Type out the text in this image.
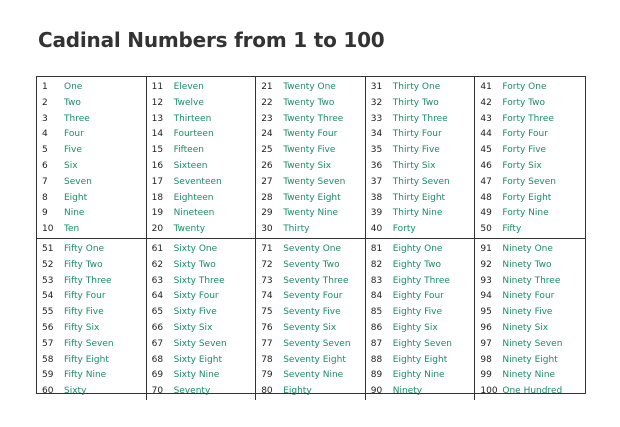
Cadinal Numbers from 1 to 100
1	One
2	Two
3	Three
4	Four
5	Five
6	Six
7	Seven
8	Eight
9	Nine
10	Ten
11	Eleven
12	Twelve
13	Thirteen
14	Fourteen
15	Fifteen
16	Sixteen
17	Seventeen
18	Eighteen
19	Nineteen
20	Twenty
21	Twenty One
22	Twenty Two
23	Twenty Three
24	Twenty Four
25	Twenty Five
26	Twenty Six
27	Twenty Seven
28	Twenty Eight
29	Twenty Nine
30	Thirty
31	Thirty One
32	Thirty Two
33	Thirty Three
34	Thirty Four
35	Thirty Five
36	Thirty Six
37	Thirty Seven
38	Thirty Eight
39	Thirty Nine
40	Forty
41	Forty One
42	Forty Two
43	Forty Three
44	Forty Four
45	Forty Five
46	Forty Six
47	Forty Seven
48	Forty Eight
49	Forty Nine
50	Fifty
51	Fifty One
52	Fifty Two
53	Fifty Three
54	Fifty Four
55	Fifty Five
56	Fifty Six
57	Fifty Seven
58	Fifty Eight
59	Fifty Nine
60	Sixty
61	Sixty One
62	Sixty Two
63	Sixty Three
64	Sixty Four
65	Sixty Five
66	Sixty Six
67	Sixty Seven
68	Sixty Eight
69	Sixty Nine
70	Seventy
71	Seventy One
72	Seventy Two
73	Seventy Three
74	Seventy Four
75	Seventy Five
76	Seventy Six
77	Seventy Seven
78	Seventy Eight
79	Seventy Nine
80	Eighty
81	Eighty One
82	Eighty Two
83	Eighty Three
84	Eighty Four
85	Eighty Five
86	Eighty Six
87	Eighty Seven
88	Eighty Eight
89	Eighty Nine
90	Ninety
91	Ninety One
92	Ninety Two
93	Ninety Three
94	Ninety Four
95	Ninety Five
96	Ninety Six
97	Ninety Seven
98	Ninety Eight
99	Ninety Nine
100 One Hundred
